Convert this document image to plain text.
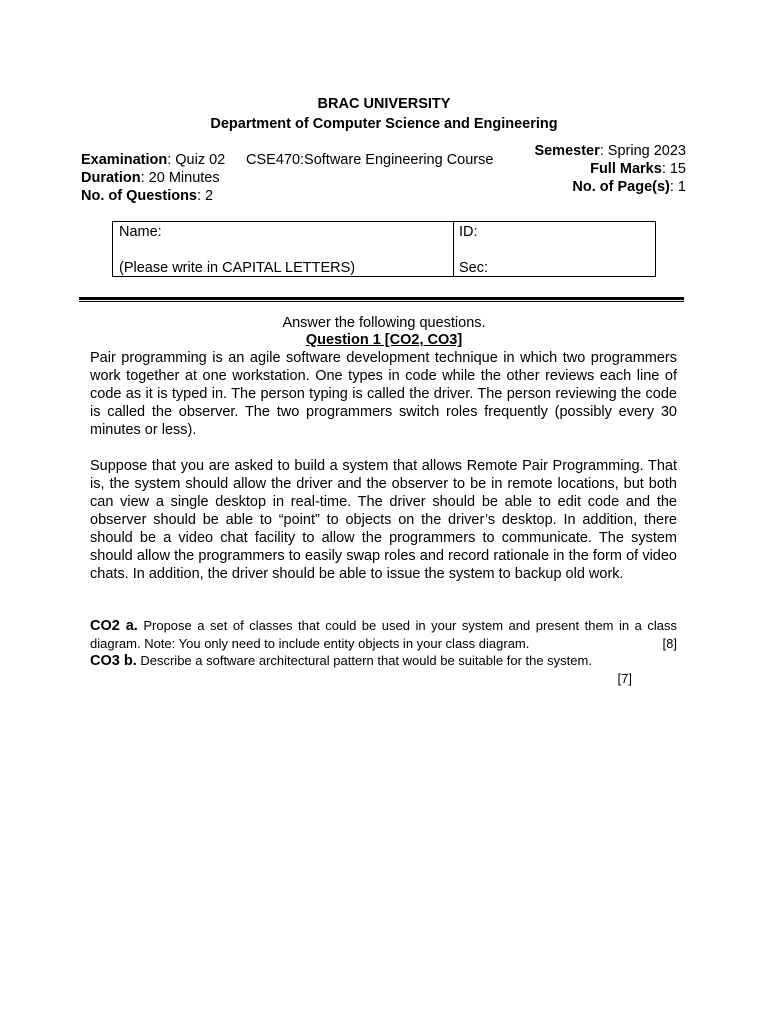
BRAC UNIVERSITY
Department of Computer Science and Engineering
Examination: Quiz 02
Duration: 20 Minutes
No. of Questions: 2
CSE470:Software Engineering Course
Semester: Spring 2023
Full Marks: 15
No. of Page(s): 1
Name:
(Please write in CAPITAL LETTERS)
ID:
Sec:
Answer the following questions.
Question 1 [CO2, CO3]
Pair programming is an agile software development technique in which two programmers work together at one workstation. One types in code while the other reviews each line of code as it is typed in. The person typing is called the driver. The person reviewing the code is called the observer. The two programmers switch roles frequently (possibly every 30 minutes or less).
Suppose that you are asked to build a system that allows Remote Pair Programming. That is, the system should allow the driver and the observer to be in remote locations, but both can view a single desktop in real-time. The driver should be able to edit code and the observer should be able to “point” to objects on the driver’s desktop. In addition, there should be a video chat facility to allow the programmers to communicate. The system should allow the programmers to easily swap roles and record rationale in the form of video chats. In addition, the driver should be able to issue the system to backup old work.
CO2 a. Propose a set of classes that could be used in your system and present them in a class diagram. Note: You only need to include entity objects in your class diagram.	[8]
CO3 b. Describe a software architectural pattern that would be suitable for the system.
[7]
